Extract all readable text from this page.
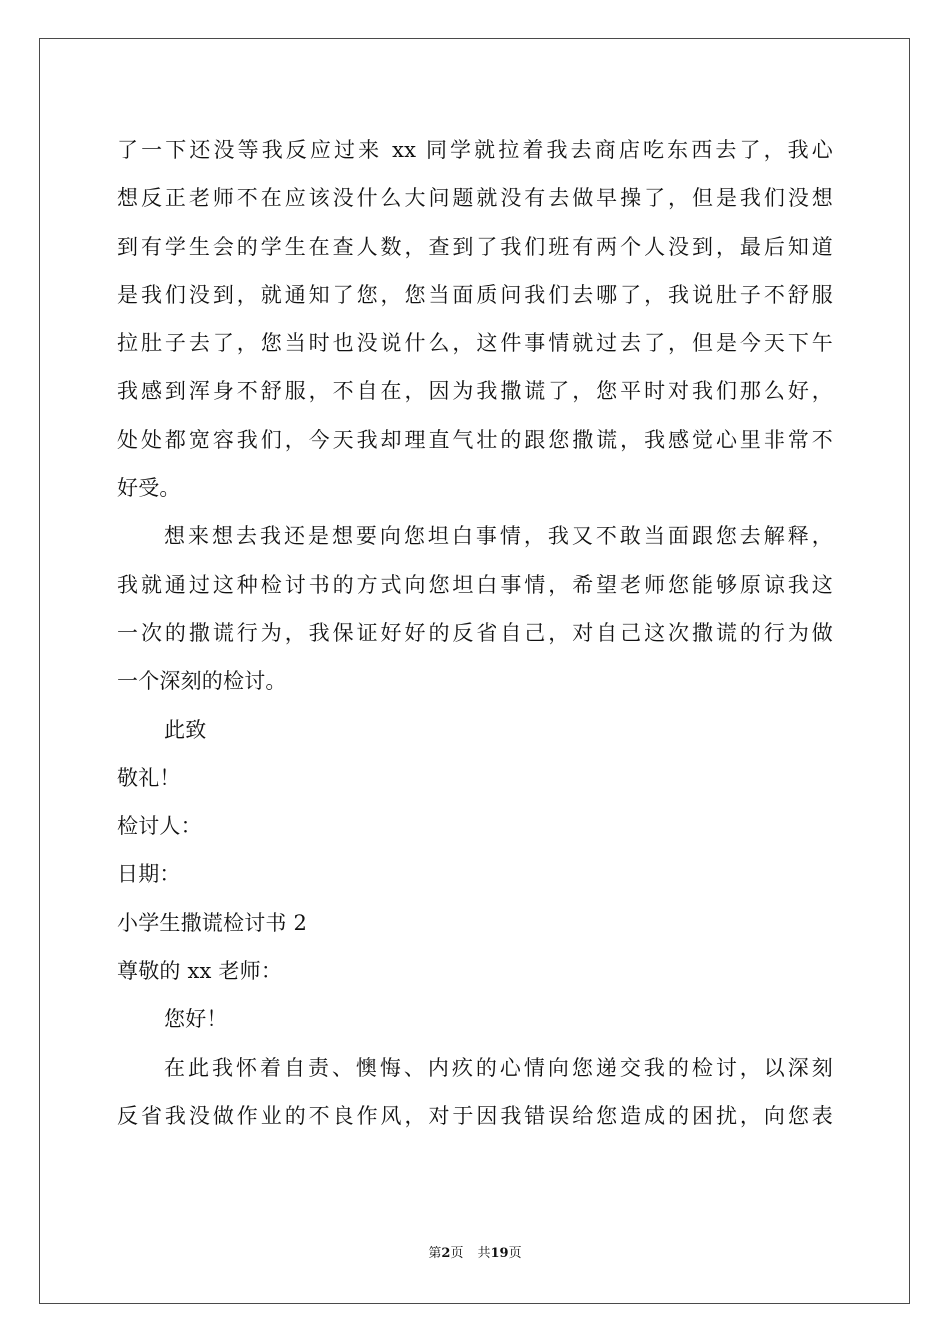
了一下还没等我反应过来 xx 同学就拉着我去商店吃东西去了，我心
想反正老师不在应该没什么大问题就没有去做早操了，但是我们没想
到有学生会的学生在查人数，查到了我们班有两个人没到，最后知道
是我们没到，就通知了您，您当面质问我们去哪了，我说肚子不舒服
拉肚子去了，您当时也没说什么，这件事情就过去了，但是今天下午
我感到浑身不舒服，不自在，因为我撒谎了，您平时对我们那么好，
处处都宽容我们，今天我却理直气壮的跟您撒谎，我感觉心里非常不
好受。
想来想去我还是想要向您坦白事情，我又不敢当面跟您去解释，
我就通过这种检讨书的方式向您坦白事情，希望老师您能够原谅我这
一次的撒谎行为，我保证好好的反省自己，对自己这次撒谎的行为做
一个深刻的检讨。
此致
敬礼！
检讨人：
日期：
小学生撒谎检讨书 2
尊敬的 xx 老师：
您好！
在此我怀着自责、懊悔、内疚的心情向您递交我的检讨，以深刻
反省我没做作业的不良作风，对于因我错误给您造成的困扰，向您表
第2页 共19页
